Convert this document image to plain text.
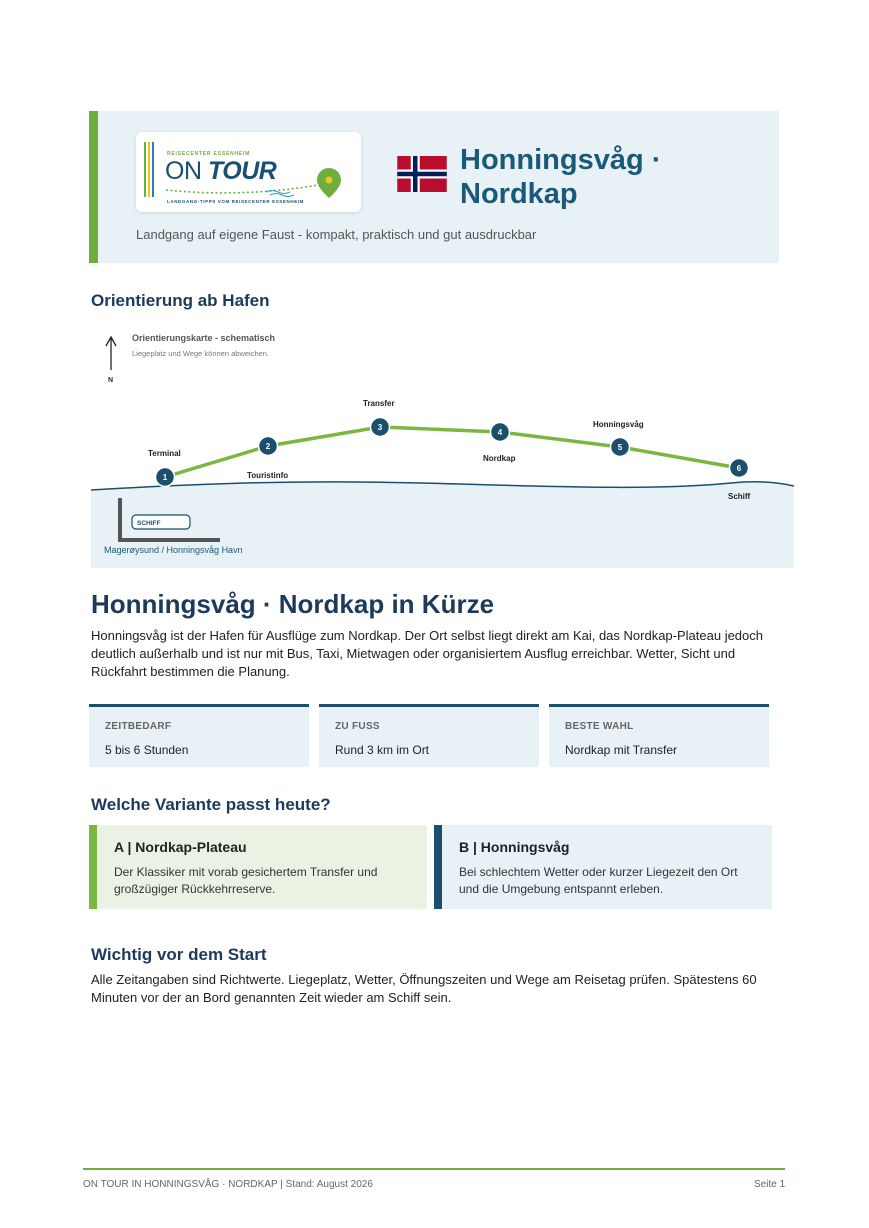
REISECENTER ESSENHEIM
ON TOUR
LANDGANG-TIPPS VOM REISECENTER ESSENHEIM
Honningsvåg · Nordkap
Landgang auf eigene Faust - kompakt, praktisch und gut ausdruckbar
Orientierung ab Hafen
N
Orientierungskarte - schematisch
Liegeplatz und Wege können abweichen.
1
2
3
4
5
6
Terminal
Touristinfo
Transfer
Nordkap
Honningsvåg
Schiff
SCHIFF
Magerøysund / Honningsvåg Havn
Honningsvåg · Nordkap in Kürze
Honningsvåg ist der Hafen für Ausflüge zum Nordkap. Der Ort selbst liegt direkt am Kai, das Nordkap-Plateau jedoch deutlich außerhalb und ist nur mit Bus, Taxi, Mietwagen oder organisiertem Ausflug erreichbar. Wetter, Sicht und Rückfahrt bestimmen die Planung.
ZEITBEDARF
5 bis 6 Stunden
ZU FUSS
Rund 3 km im Ort
BESTE WAHL
Nordkap mit Transfer
Welche Variante passt heute?
A | Nordkap-Plateau
Der Klassiker mit vorab gesichertem Transfer und großzügiger Rückkehrreserve.
B | Honningsvåg
Bei schlechtem Wetter oder kurzer Liegezeit den Ort und die Umgebung entspannt erleben.
Wichtig vor dem Start
Alle Zeitangaben sind Richtwerte. Liegeplatz, Wetter, Öffnungszeiten und Wege am Reisetag prüfen. Spätestens 60 Minuten vor der an Bord genannten Zeit wieder am Schiff sein.
ON TOUR IN HONNINGSVÅG · NORDKAP | Stand: August 2026	Seite 1
